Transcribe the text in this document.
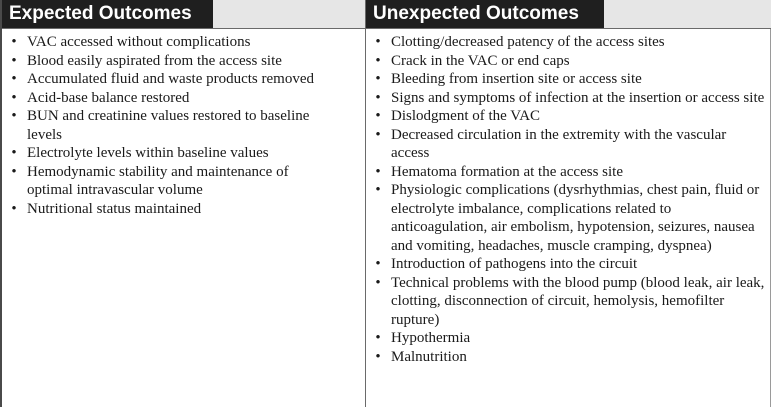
Expected Outcomes	Unexpected Outcomes
• VAC accessed without complications
• Blood easily aspirated from the access site
• Accumulated fluid and waste products removed
• Acid-base balance restored
• BUN and creatinine values restored to baseline levels
• Electrolyte levels within baseline values
• Hemodynamic stability and maintenance of optimal intravascular volume
• Nutritional status maintained
• Clotting/decreased patency of the access sites
• Crack in the VAC or end caps
• Bleeding from insertion site or access site
• Signs and symptoms of infection at the insertion or access site
• Dislodgment of the VAC
• Decreased circulation in the extremity with the vascular access
• Hematoma formation at the access site
• Physiologic complications (dysrhythmias, chest pain, fluid or electrolyte imbalance, complications related to anticoagulation, air embolism, hypotension, seizures, nausea and vomiting, headaches, muscle cramping, dyspnea)
• Introduction of pathogens into the circuit
• Technical problems with the blood pump (blood leak, air leak, clotting, disconnection of circuit, hemolysis, hemofilter rupture)
• Hypothermia
• Malnutrition
